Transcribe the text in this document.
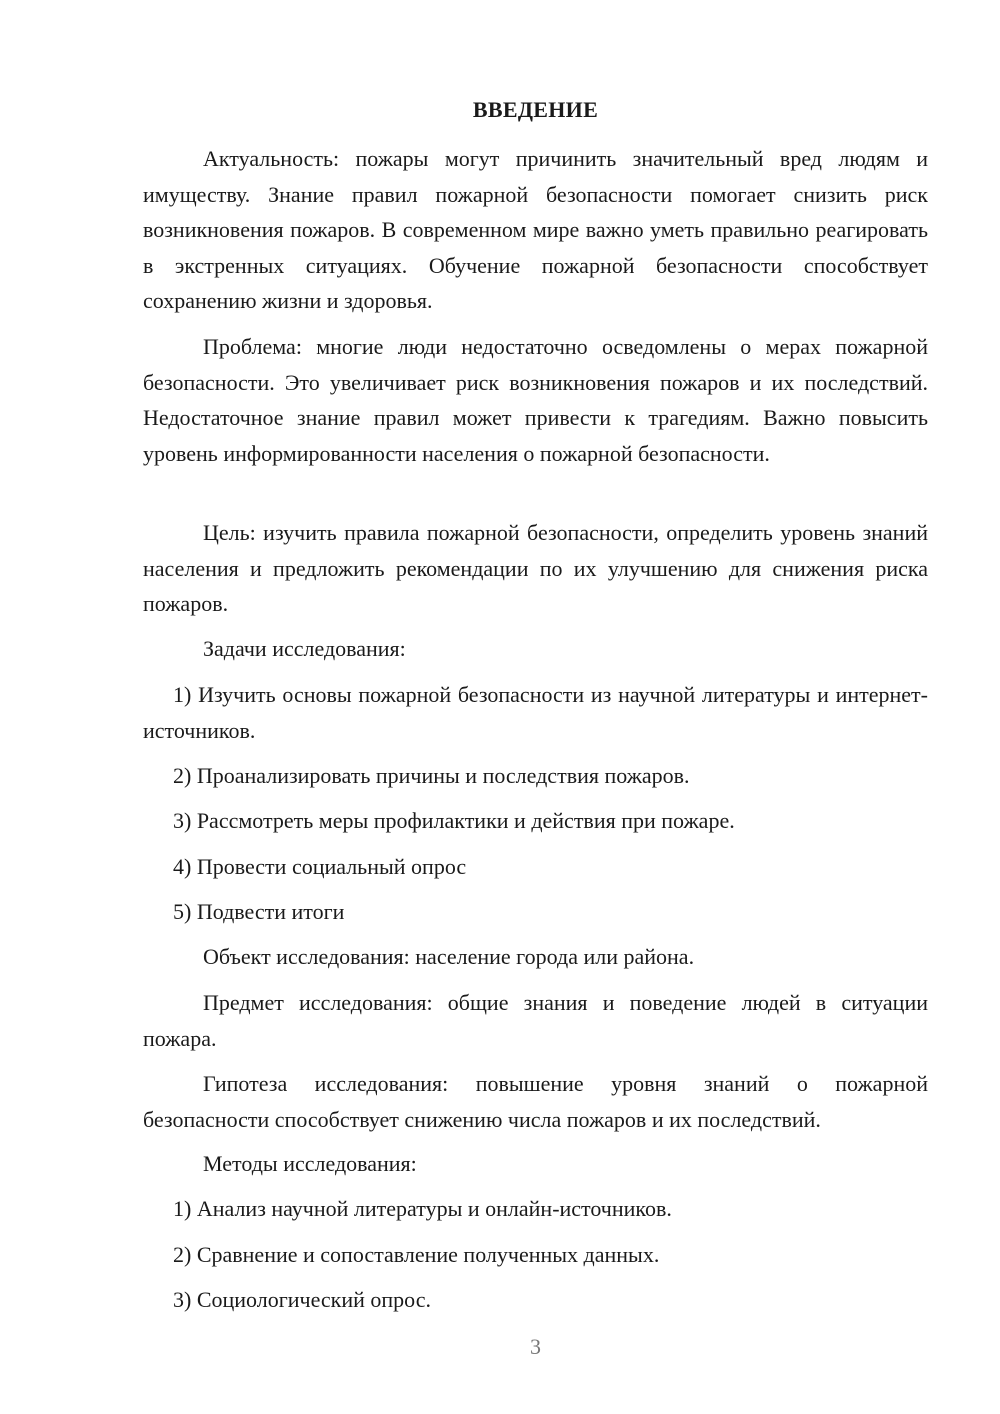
ВВЕДЕНИЕ

Актуальность: пожары могут причинить значительный вред людям и имуществу. Знание правил пожарной безопасности помогает снизить риск возникновения пожаров. В современном мире важно уметь правильно реагировать в экстренных ситуациях. Обучение пожарной безопасности способствует сохранению жизни и здоровья.

Проблема: многие люди недостаточно осведомлены о мерах пожарной безопасности. Это увеличивает риск возникновения пожаров и их последствий. Недостаточное знание правил может привести к трагедиям. Важно повысить уровень информированности населения о пожарной безопасности.

Цель: изучить правила пожарной безопасности, определить уровень знаний населения и предложить рекомендации по их улучшению для снижения риска пожаров.

Задачи исследования:

1) Изучить основы пожарной безопасности из научной литературы и интернет-источников.

2) Проанализировать причины и последствия пожаров.

3) Рассмотреть меры профилактики и действия при пожаре.

4) Провести социальный опрос

5) Подвести итоги

Объект исследования: население города или района.

Предмет исследования: общие знания и поведение людей в ситуации пожара.

Гипотеза исследования: повышение уровня знаний о пожарной безопасности способствует снижению числа пожаров и их последствий.

Методы исследования:

1) Анализ научной литературы и онлайн-источников.

2) Сравнение и сопоставление полученных данных.

3) Социологический опрос.

3
